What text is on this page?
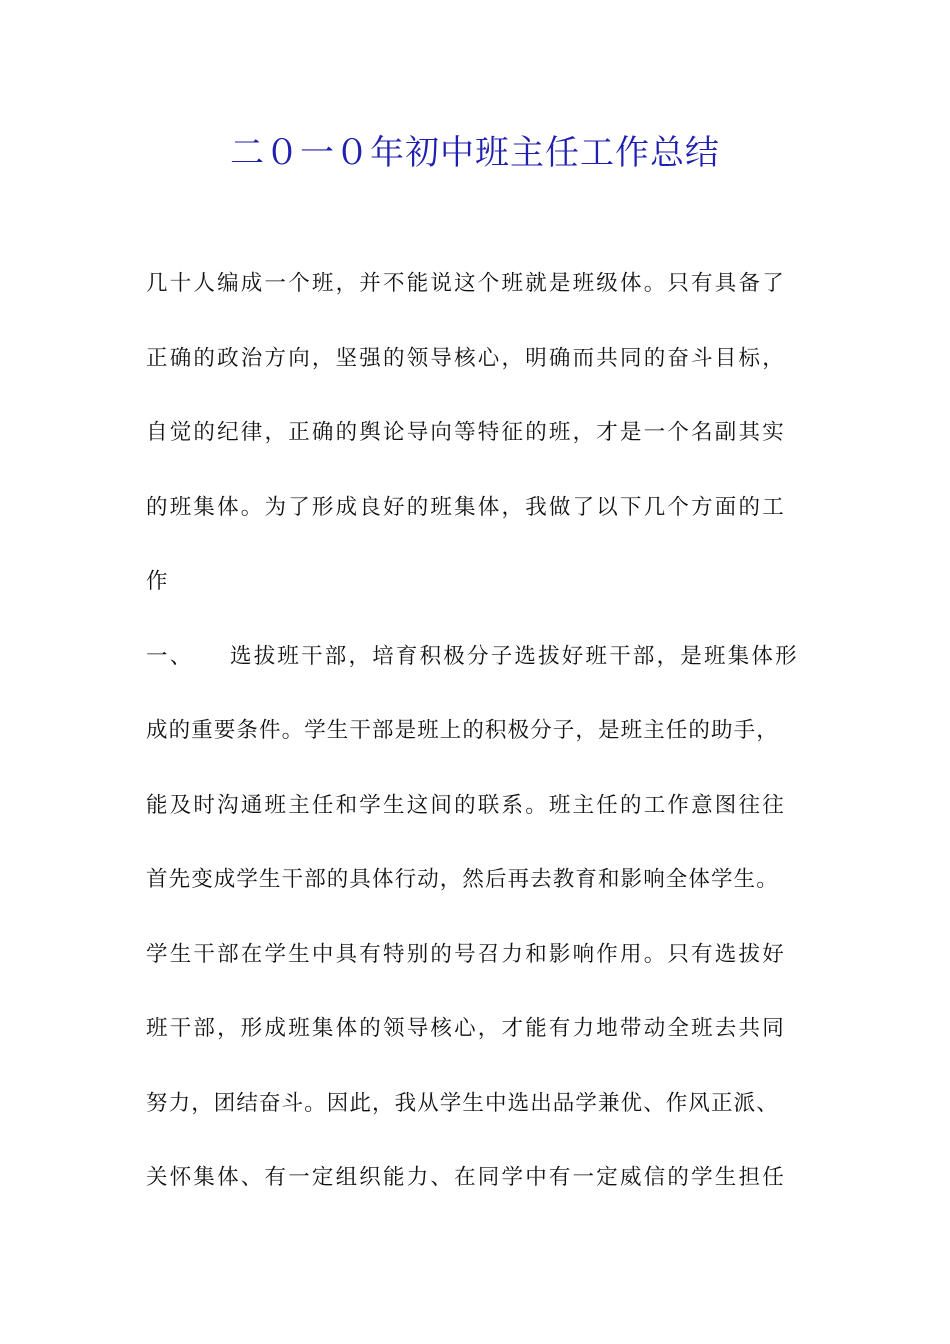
二０一０年初中班主任工作总结
几十人编成一个班，并不能说这个班就是班级体。只有具备了
正确的政治方向，坚强的领导核心，明确而共同的奋斗目标，
自觉的纪律，正确的舆论导向等特征的班，才是一个名副其实
的班集体。为了形成良好的班集体，我做了以下几个方面的工
作
一、 选拔班干部，培育积极分子选拔好班干部，是班集体形
成的重要条件。学生干部是班上的积极分子，是班主任的助手，
能及时沟通班主任和学生这间的联系。班主任的工作意图往往
首先变成学生干部的具体行动，然后再去教育和影响全体学生。
学生干部在学生中具有特别的号召力和影响作用。只有选拔好
班干部，形成班集体的领导核心，才能有力地带动全班去共同
努力，团结奋斗。因此，我从学生中选出品学兼优、作风正派、
关怀集体、有一定组织能力、在同学中有一定威信的学生担任
